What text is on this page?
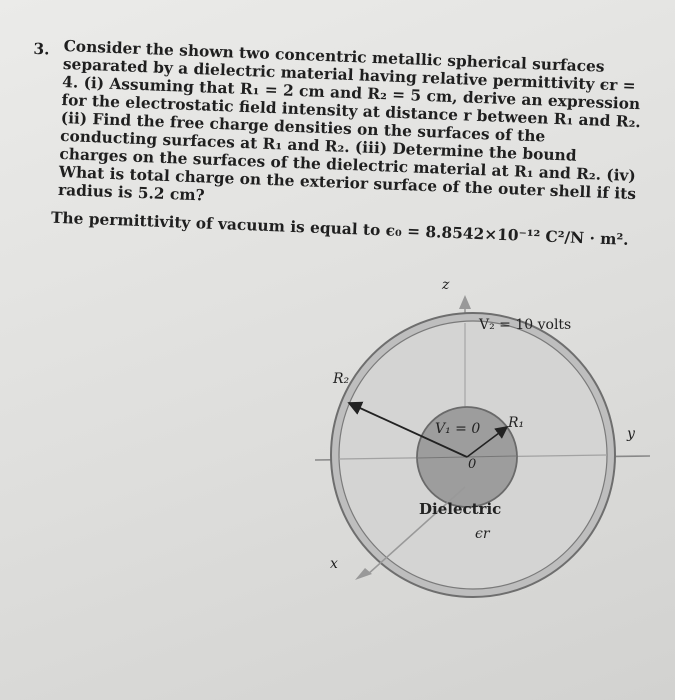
3. Consider the shown two concentric metallic spherical surfaces separated by a dielectric material having relative permittivity ϵr = 4. (i) Assuming that R₁ = 2 cm and R₂ = 5 cm, derive an expression for the electrostatic field intensity at distance r between R₁ and R₂. (ii) Find the free charge densities on the surfaces of the conducting surfaces at R₁ and R₂. (iii) Determine the bound charges on the surfaces of the dielectric material at R₁ and R₂. (iv) What is total charge on the exterior surface of the outer shell if its radius is 5.2 cm?

The permittivity of vacuum is equal to ϵ₀ = 8.8542×10⁻¹² C²/N · m².

z
V₂ = 10 volts
R₂
V₁ = 0 R₁
y
0
Dielectric
ϵr
x
